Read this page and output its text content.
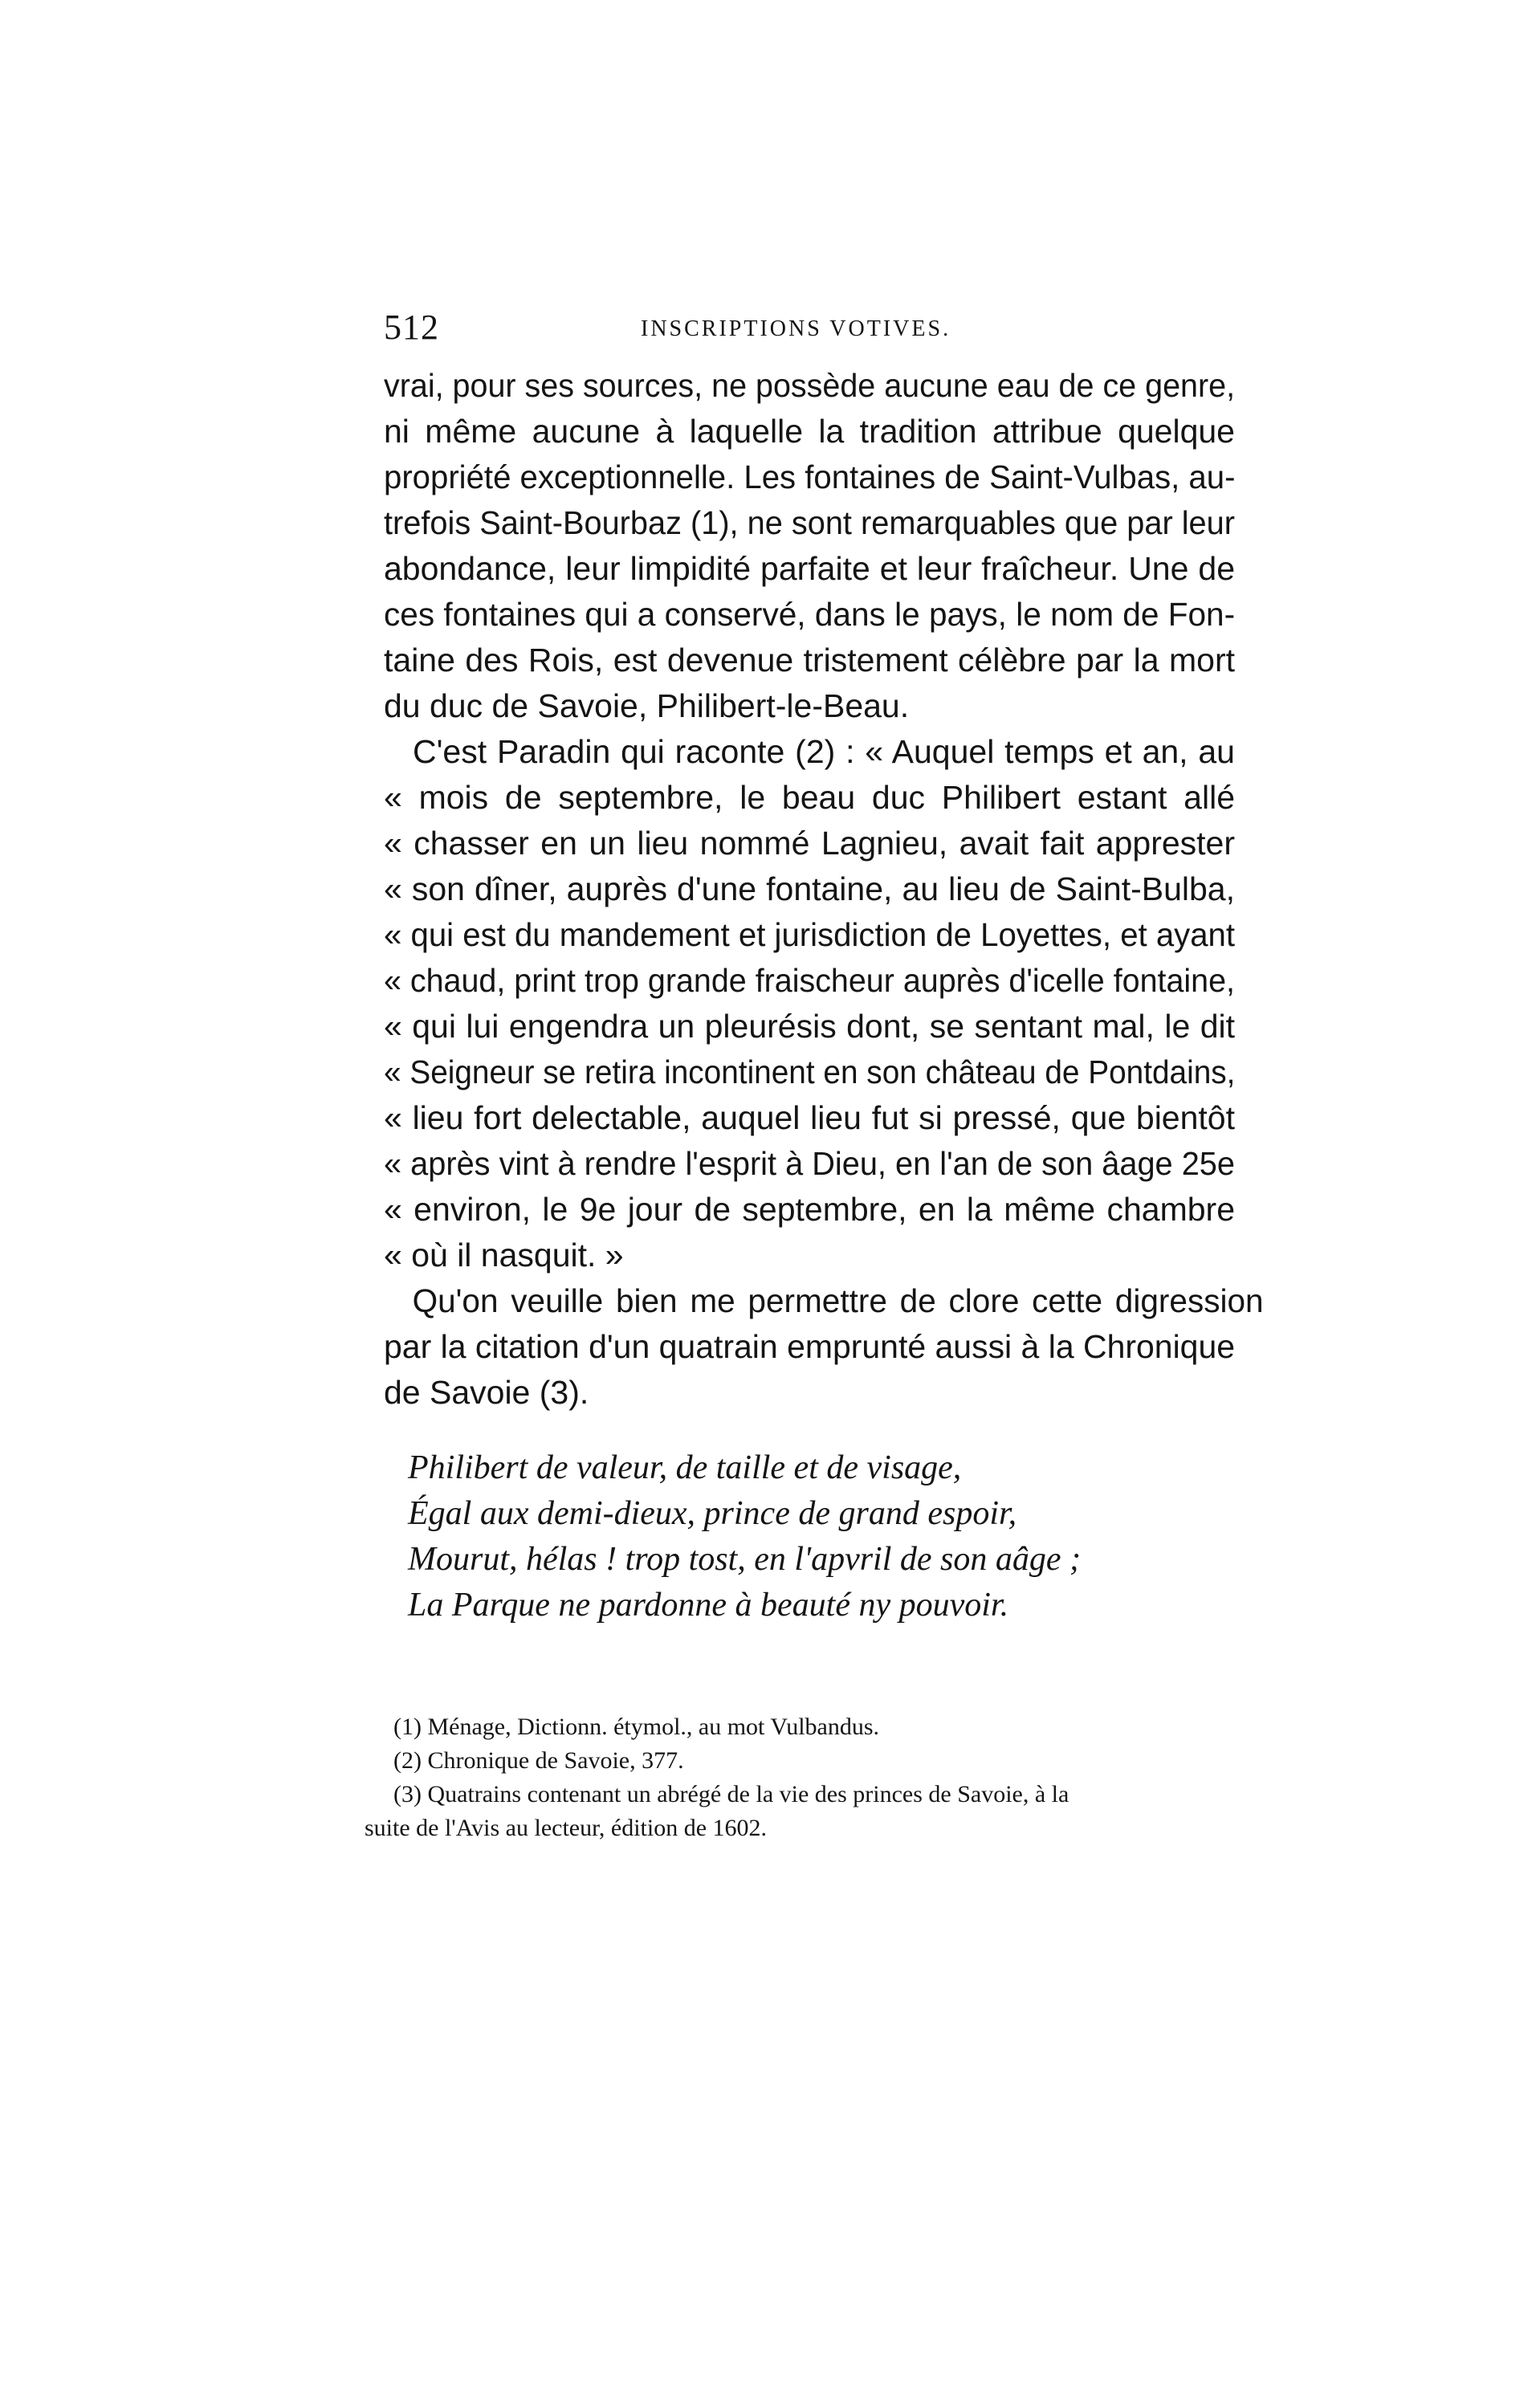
512	INSCRIPTIONS VOTIVES.
vrai, pour ses sources, ne possède aucune eau de ce genre,
ni même aucune à laquelle la tradition attribue quelque
propriété exceptionnelle. Les fontaines de Saint-Vulbas, au-
trefois Saint-Bourbaz (1), ne sont remarquables que par leur
abondance, leur limpidité parfaite et leur fraîcheur. Une de
ces fontaines qui a conservé, dans le pays, le nom de Fon-
taine des Rois, est devenue tristement célèbre par la mort
du duc de Savoie, Philibert-le-Beau.
C'est Paradin qui raconte (2) : « Auquel temps et an, au
« mois de septembre, le beau duc Philibert estant allé
« chasser en un lieu nommé Lagnieu, avait fait apprester
« son dîner, auprès d'une fontaine, au lieu de Saint-Bulba,
« qui est du mandement et jurisdiction de Loyettes, et ayant
« chaud, print trop grande fraischeur auprès d'icelle fontaine,
« qui lui engendra un pleurésis dont, se sentant mal, le dit
« Seigneur se retira incontinent en son château de Pontdains,
« lieu fort delectable, auquel lieu fut si pressé, que bientôt
« après vint à rendre l'esprit à Dieu, en l'an de son âage 25e
« environ, le 9e jour de septembre, en la même chambre
« où il nasquit. »
Qu'on veuille bien me permettre de clore cette digression
par la citation d'un quatrain emprunté aussi à la Chronique
de Savoie (3).
Philibert de valeur, de taille et de visage,
Égal aux demi-dieux, prince de grand espoir,
Mourut, hélas ! trop tost, en l'apvril de son aâge ;
La Parque ne pardonne à beauté ny pouvoir.
(1) Ménage, Dictionn. étymol., au mot Vulbandus.
(2) Chronique de Savoie, 377.
(3) Quatrains contenant un abrégé de la vie des princes de Savoie, à la
suite de l'Avis au lecteur, édition de 1602.
